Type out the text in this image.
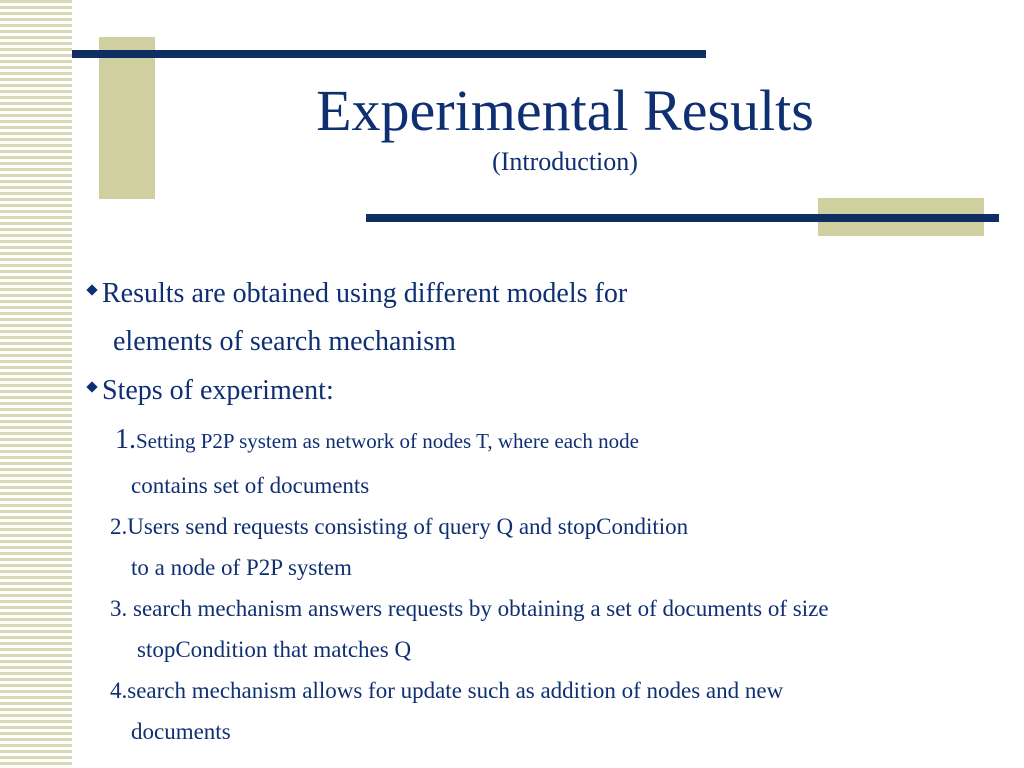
Experimental Results
(Introduction)
Results are obtained using different models for
elements of search mechanism
Steps of experiment:
1.Setting P2P system as network of nodes T, where each node
contains set of documents
2.Users send requests consisting of query Q and stopCondition
to a node of P2P system
3. search mechanism answers requests by obtaining a set of documents of size
stopCondition that matches Q
4.search mechanism allows for update such as addition of nodes and new
documents
